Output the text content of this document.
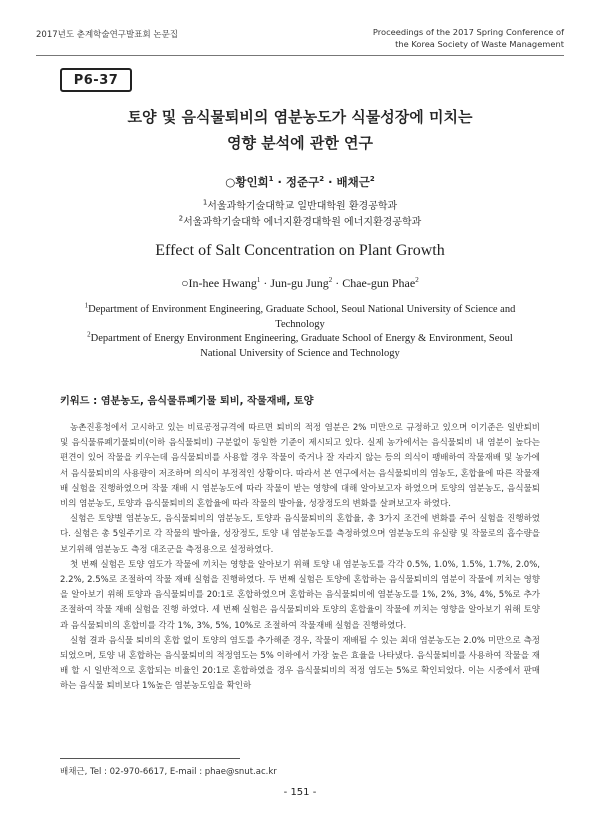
2017년도 춘계학술연구발표회 논문집	Proceedings of the 2017 Spring Conference of
the Korea Society of Waste Management
P6-37
토양 및 음식물퇴비의 염분농도가 식물성장에 미치는
영향 분석에 관한 연구
○황인희$^1$ · 정준구$^2$ · 배채근$^2$
$^1$서울과학기술대학교 일반대학원 환경공학과
$^2$서울과학기술대학 에너지환경대학원 에너지환경공학과
Effect of Salt Concentration on Plant Growth
○In-hee Hwang$^1$ · Jun-gu Jung$^2$ · Chae-gun Phae$^2$
$^1$Department of Environment Engineering, Graduate School, Seoul National University of Science and Technology
$^2$Department of Energy Environment Engineering, Graduate School of Energy & Environment, Seoul National University of Science and Technology
키워드 : 염분농도, 음식물류폐기물 퇴비, 작물재배, 토양

농촌진흥청에서 고시하고 있는 비료공정규격에 따르면 퇴비의 적정 염분은 2% 미만으로 규정하고 있으며 이기준은 일반퇴비 및 음식물류폐기물퇴비(이하 음식물퇴비) 구분없이 동일한 기준이 제시되고 있다. 실제 농가에서는 음식물퇴비 내 염분이 높다는 편견이 있어 작물을 키우는데 음식물퇴비를 사용할 경우 작물이 죽거나 잘 자라지 않는 등의 의식이 팽배하여 작물재배 및 농가에서 음식물퇴비의 사용량이 저조하며 의식이 부정적인 상황이다. 따라서 본 연구에서는 음식물퇴비의 염농도, 혼합율에 따른 작물재배 실험을 진행하였으며 작물 재배 시 염분농도에 따라 작물이 받는 영향에 대해 알아보고자 하였으며 토양의 염분농도, 음식물퇴비의 염분농도, 토양과 음식물퇴비의 혼합율에 따라 작물의 발아율, 성장정도의 변화를 살펴보고자 하였다.

실험은 토양별 염분농도, 음식물퇴비의 염분농도, 토양과 음식물퇴비의 혼합율, 총 3가지 조건에 변화를 주어 실험을 진행하였다. 실험은 총 5일주기로 각 작물의 발아율, 성장정도, 토양 내 염분농도를 측정하였으며 염분농도의 유실량 및 작물로의 흡수량을 보기위해 염분농도 측정 대조군을 측정용으로 설정하였다.

첫 번째 실험은 토양 염도가 작물에 끼치는 영향을 알아보기 위해 토양 내 염분농도를 각각 0.5%, 1.0%, 1.5%, 1.7%, 2.0%, 2.2%, 2.5%로 조절하여 작물 재배 실험을 진행하였다. 두 번째 실험은 토양에 혼합하는 음식물퇴비의 염분이 작물에 끼치는 영향을 알아보기 위해 토양과 음식물퇴비를 20:1로 혼합하였으며 혼합하는 음식물퇴비에 염분농도를 1%, 2%, 3%, 4%, 5%로 추가 조절하여 작물 재배 실험을 진행 하였다. 세 번째 실험은 음식물퇴비와 토양의 혼합율이 작물에 끼치는 영향을 알아보기 위해 토양과 음식물퇴비의 혼합비를 각각 1%, 3%, 5%, 10%로 조절하여 작물재배 실험을 진행하였다.

실험 결과 음식물 퇴비의 혼합 없이 토양의 염도를 추가해준 경우, 작물이 재배될 수 있는 최대 염분농도는 2.0% 미만으로 측정되었으며, 토양 내 혼합하는 음식물퇴비의 적정염도는 5% 이하에서 가장 높은 효율을 나타냈다. 음식물퇴비를 사용하여 작물을 재배 할 시 일반적으로 혼합되는 비율인 20:1로 혼합하였을 경우 음식물퇴비의 적정 염도는 5%로 확인되었다. 이는 시중에서 판매하는 음식물 퇴비보다 1%높은 염분농도임을 확인하

배채근, Tel : 02-970-6617, E-mail : phae@snut.ac.kr
- 151 -
